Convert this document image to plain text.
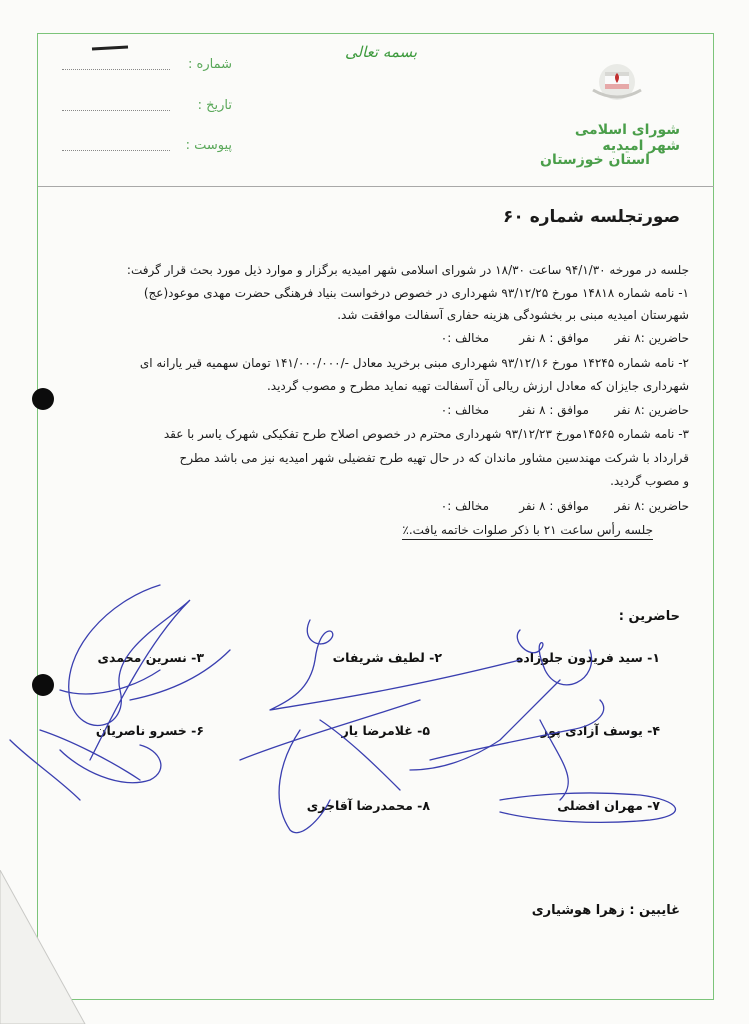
بسمه تعالی
شماره :
تاریخ :
پیوست :
شورای اسلامی شهر امیدیه
استان خوزستان
صورتجلسه شماره ۶۰
جلسه در مورخه ۹۴/۱/۳۰ ساعت ۱۸/۳۰ در شورای اسلامی شهر امیدیه برگزار و موارد ذیل مورد بحث قرار گرفت:
۱- نامه شماره ۱۴۸۱۸ مورخ ۹۳/۱۲/۲۵ شهرداری در خصوص درخواست بنیاد فرهنگی حضرت مهدی موعود(عج)
شهرستان امیدیه مبنی بر بخشودگی هزینه حفاری آسفالت موافقت شد.
حاضرین :۸ نفر
موافق : ۸ نفر
مخالف :۰
۲- نامه شماره ۱۴۲۴۵ مورخ ۹۳/۱۲/۱۶ شهرداری مبنی برخرید معادل -/۱۴۱/۰۰۰/۰۰۰ تومان سهمیه قیر یارانه ای
شهرداری جایزان که معادل ارزش ریالی آن آسفالت تهیه نماید مطرح و مصوب گردید.
حاضرین :۸ نفر
موافق : ۸ نفر
مخالف :۰
۳- نامه شماره ۱۴۵۶۵مورخ ۹۳/۱۲/۲۳ شهرداری محترم در خصوص اصلاح طرح تفکیکی شهرک یاسر با عقد
قرارداد با شرکت مهندسین مشاور ماندان که در حال تهیه طرح تفضیلی شهر امیدیه نیز می باشد مطرح
و مصوب گردید.
حاضرین :۸ نفر
موافق : ۸ نفر
مخالف :۰
جلسه رأس ساعت ۲۱ با ذکر صلوات خاتمه یافت.٪
حاضرین :
۱- سید فریدون جلوزاده
۲- لطیف شریفات
۳- نسرین محمدی
۴- یوسف آزادی پور
۵- غلامرضا یار
۶- خسرو ناصریان
۷- مهران افضلی
۸- محمدرضا آقاجری
غایبین : زهرا هوشیاری
